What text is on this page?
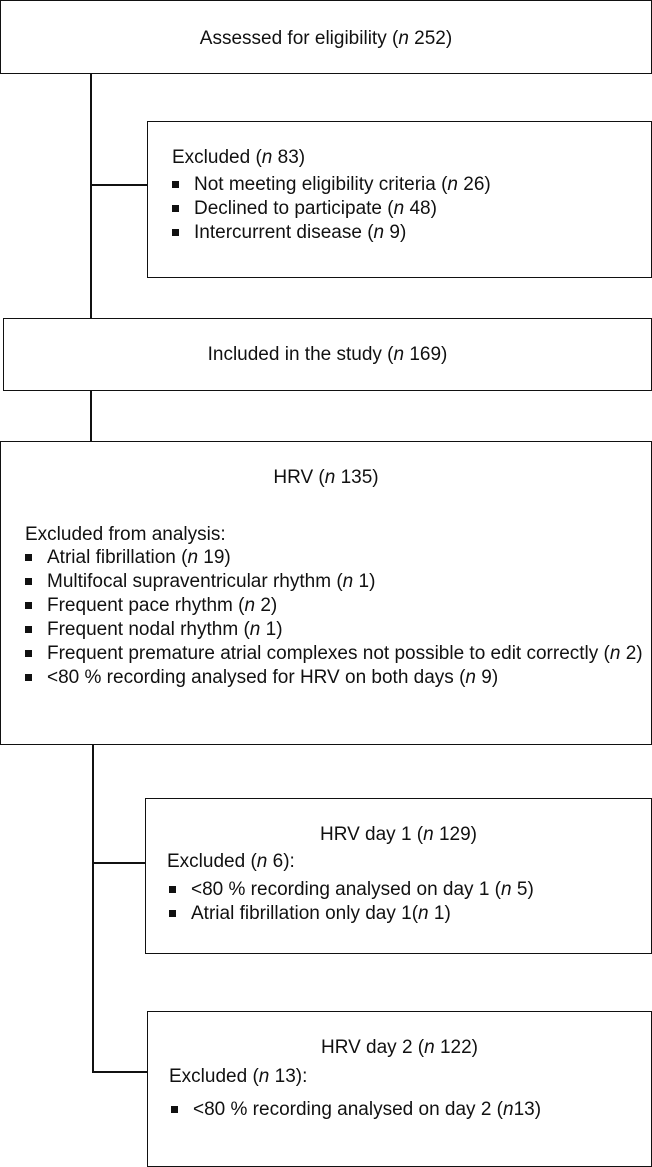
Assessed for eligibility (n 252)
Excluded (n 83)
Not meeting eligibility criteria (n 26)
Declined to participate (n 48)
Intercurrent disease (n 9)
Included in the study (n 169)
HRV (n 135)
Excluded from analysis:
Atrial fibrillation (n 19)
Multifocal supraventricular rhythm (n 1)
Frequent pace rhythm (n 2)
Frequent nodal rhythm (n 1)
Frequent premature atrial complexes not possible to edit correctly (n 2)
<80 % recording analysed for HRV on both days (n 9)
HRV day 1 (n 129)
Excluded (n 6):
<80 % recording analysed on day 1 (n 5)
Atrial fibrillation only day 1(n 1)
HRV day 2 (n 122)
Excluded (n 13):
<80 % recording analysed on day 2 (n13)
